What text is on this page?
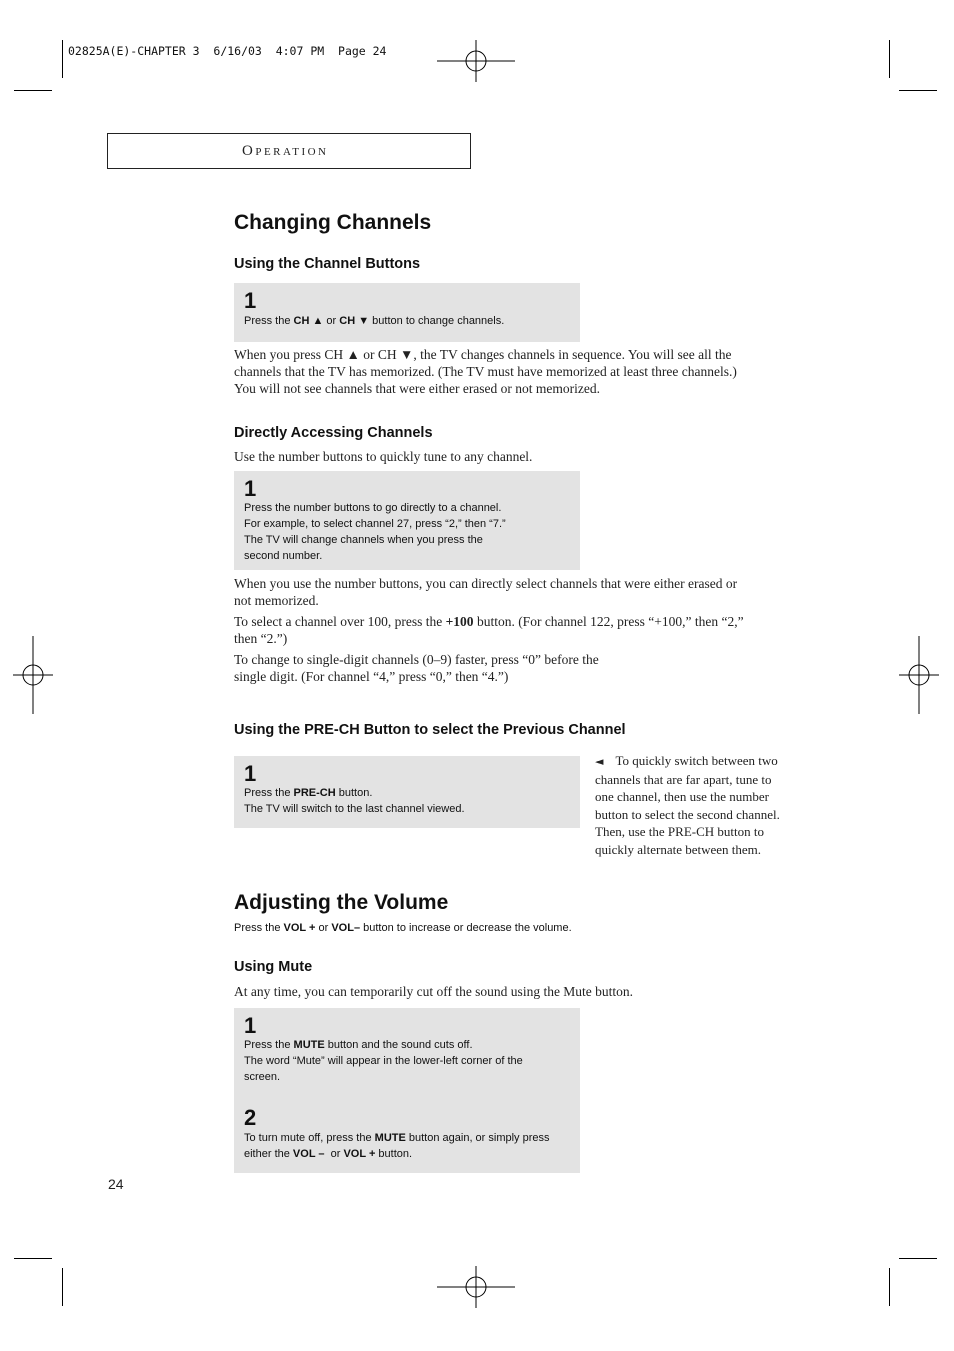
02825A(E)-CHAPTER 3  6/16/03  4:07 PM  Page 24
Operation
Changing Channels
Using the Channel Buttons
1
Press the CH ▲ or CH ▼ button to change channels.
When you press CH ▲ or CH ▼, the TV changes channels in sequence. You will see all the
channels that the TV has memorized. (The TV must have memorized at least three channels.)
You will not see channels that were either erased or not memorized.
Directly Accessing Channels
Use the number buttons to quickly tune to any channel.
1
Press the number buttons to go directly to a channel.
For example, to select channel 27, press “2,” then “7.”
The TV will change channels when you press the
second number.
When you use the number buttons, you can directly select channels that were either erased or
not memorized.
To select a channel over 100, press the +100 button. (For channel 122, press “+100,” then “2,”
then “2.”)
To change to single-digit channels (0–9) faster, press “0” before the
single digit. (For channel “4,” press “0,” then “4.”)
Using the PRE-CH Button to select the Previous Channel
1
Press the PRE-CH button.
The TV will switch to the last channel viewed.
◄ To quickly switch between two
channels that are far apart, tune to
one channel, then use the number
button to select the second channel.
Then, use the PRE-CH button to
quickly alternate between them.
Adjusting the Volume
Press the VOL + or VOL– button to increase or decrease the volume.
Using Mute
At any time, you can temporarily cut off the sound using the Mute button.
1
Press the MUTE button and the sound cuts off.
The word “Mute” will appear in the lower-left corner of the
screen.
2
To turn mute off, press the MUTE button again, or simply press
either the VOL –  or VOL + button.
24
